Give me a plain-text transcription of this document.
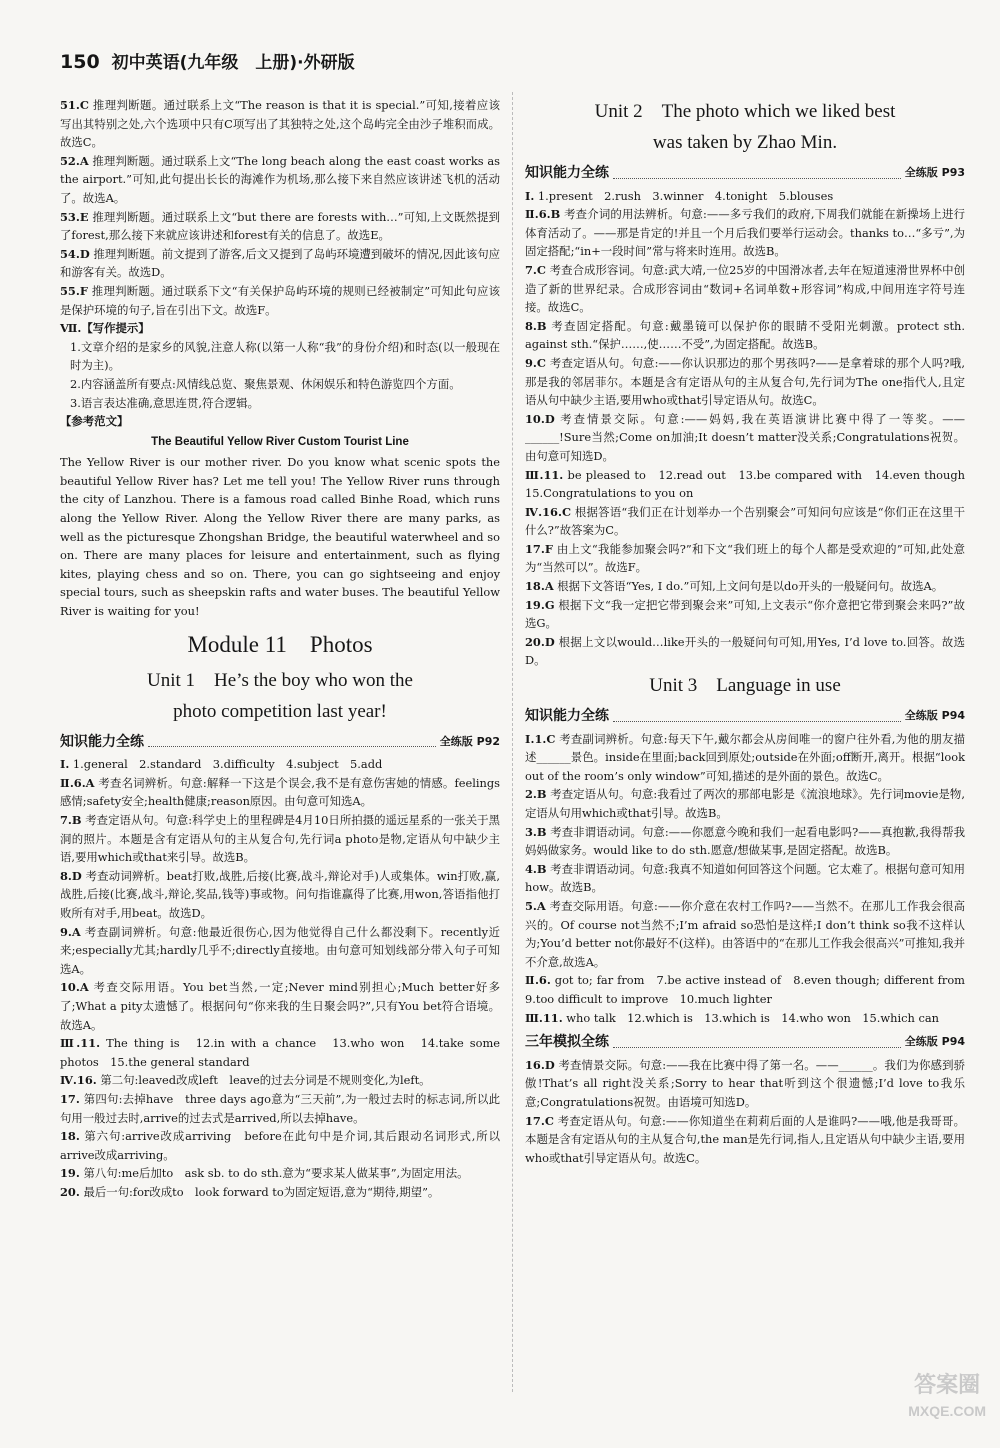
150 初中英语(九年级　上册)·外研版

51.C 推理判断题。通过联系上文“The reason is that it is special.”可知,接着应该写出其特别之处,六个选项中只有C项写出了其独特之处,这个岛屿完全由沙子堆积而成。故选C。

52.A 推理判断题。通过联系上文“The long beach along the east coast works as the airport.”可知,此句提出长长的海滩作为机场,那么接下来自然应该讲述飞机的活动了。故选A。

53.E 推理判断题。通过联系上文“but there are forests with…”可知,上文既然提到了forest,那么接下来就应该讲述和forest有关的信息了。故选E。

54.D 推理判断题。前文提到了游客,后文又提到了岛屿环境遭到破坏的情况,因此该句应和游客有关。故选D。

55.F 推理判断题。通过联系下文“有关保护岛屿环境的规则已经被制定”可知此句应该是保护环境的句子,旨在引出下文。故选F。

Ⅶ.【写作提示】

1.文章介绍的是家乡的风貌,注意人称(以第一人称“我”的身份介绍)和时态(以一般现在时为主)。

2.内容涵盖所有要点:风情线总览、聚焦景观、休闲娱乐和特色游览四个方面。

3.语言表达准确,意思连贯,符合逻辑。

【参考范文】

The Beautiful Yellow River Custom Tourist Line

The Yellow River is our mother river. Do you know what scenic spots the beautiful Yellow River has? Let me tell you! The Yellow River runs through the city of Lanzhou. There is a famous road called Binhe Road, which runs along the Yellow River. Along the Yellow River there are many parks, as well as the picturesque Zhongshan Bridge, the beautiful waterwheel and so on. There are many places for leisure and entertainment, such as flying kites, playing chess and so on. There, you can go sightseeing and enjoy special tours, such as sheepskin rafts and water buses. The beautiful Yellow River is waiting for you!

Module 11　Photos
Unit 1　He’s the boy who won the
photo competition last year!
知识能力全练	全练版 P92

Ⅰ. 1.general　2.standard　3.difficulty　4.subject　5.add

Ⅱ.6.A 考查名词辨析。句意:解释一下这是个误会,我不是有意伤害她的情感。feelings感情;safety安全;health健康;reason原因。由句意可知选A。

7.B 考查定语从句。句意:科学史上的里程碑是4月10日所拍摄的遥远星系的一张关于黑洞的照片。本题是含有定语从句的主从复合句,先行词a photo是物,定语从句中缺少主语,要用which或that来引导。故选B。

8.D 考查动词辨析。beat打败,战胜,后接(比赛,战斗,辩论对手)人或集体。win打败,赢,战胜,后接(比赛,战斗,辩论,奖品,钱等)事或物。问句指谁赢得了比赛,用won,答语指他打败所有对手,用beat。故选D。

9.A 考查副词辨析。句意:他最近很伤心,因为他觉得自己什么都没剩下。recently近来;especially尤其;hardly几乎不;directly直接地。由句意可知划线部分带入句子可知选A。

10.A 考查交际用语。You bet当然,一定;Never mind别担心;Much better好多了;What a pity太遗憾了。根据问句“你来我的生日聚会吗?”,只有You bet符合语境。故选A。

Ⅲ.11. The thing is　12.in with a chance　13.who won　14.take some photos　15.the general standard

Ⅳ.16. 第二句:leaved改成left　leave的过去分词是不规则变化,为left。

17. 第四句:去掉have　three days ago意为“三天前”,为一般过去时的标志词,所以此句用一般过去时,arrive的过去式是arrived,所以去掉have。

18. 第六句:arrive改成arriving　before在此句中是介词,其后跟动名词形式,所以arrive改成arriving。

19. 第八句:me后加to　ask sb. to do sth.意为“要求某人做某事”,为固定用法。

20. 最后一句:for改成to　look forward to为固定短语,意为“期待,期望”。

Unit 2　The photo which we liked best
was taken by Zhao Min.
知识能力全练	全练版 P93

Ⅰ. 1.present　2.rush　3.winner　4.tonight　5.blouses

Ⅱ.6.B 考查介词的用法辨析。句意:——多亏我们的政府,下周我们就能在新操场上进行体育活动了。——那是肯定的!并且一个月后我们要举行运动会。thanks to…“多亏”,为固定搭配;“in+一段时间”常与将来时连用。故选B。

7.C 考查合成形容词。句意:武大靖,一位25岁的中国滑冰者,去年在短道速滑世界杯中创造了新的世界纪录。合成形容词由“数词+名词单数+形容词”构成,中间用连字符号连接。故选C。

8.B 考查固定搭配。句意:戴墨镜可以保护你的眼睛不受阳光刺激。protect sth. against sth.“保护……,使……不受”,为固定搭配。故选B。

9.C 考查定语从句。句意:——你认识那边的那个男孩吗?——是拿着球的那个人吗?哦,那是我的邻居菲尔。本题是含有定语从句的主从复合句,先行词为The one指代人,且定语从句中缺少主语,要用who或that引导定语从句。故选C。

10.D 考查情景交际。句意:——妈妈,我在英语演讲比赛中得了一等奖。——______!Sure当然;Come on加油;It doesn’t matter没关系;Congratulations祝贺。由句意可知选D。

Ⅲ.11. be pleased to　12.read out　13.be compared with　14.even though　15.Congratulations to you on

Ⅳ.16.C 根据答语“我们正在计划举办一个告别聚会”可知问句应该是“你们正在这里干什么?”故答案为C。

17.F 由上文“我能参加聚会吗?”和下文“我们班上的每个人都是受欢迎的”可知,此处意为“当然可以”。故选F。

18.A 根据下文答语“Yes, I do.”可知,上文问句是以do开头的一般疑问句。故选A。

19.G 根据下文“我一定把它带到聚会来”可知,上文表示“你介意把它带到聚会来吗?”故选G。

20.D 根据上文以would…like开头的一般疑问句可知,用Yes, I’d love to.回答。故选D。

Unit 3　Language in use
知识能力全练	全练版 P94

Ⅰ.1.C 考查副词辨析。句意:每天下午,戴尔都会从房间唯一的窗户往外看,为他的朋友描述______景色。inside在里面;back回到原处;outside在外面;off断开,离开。根据“look out of the room’s only window”可知,描述的是外面的景色。故选C。

2.B 考查定语从句。句意:我看过了两次的那部电影是《流浪地球》。先行词movie是物,定语从句用which或that引导。故选B。

3.B 考查非谓语动词。句意:——你愿意今晚和我们一起看电影吗?——真抱歉,我得帮我妈妈做家务。would like to do sth.愿意/想做某事,是固定搭配。故选B。

4.B 考查非谓语动词。句意:我真不知道如何回答这个问题。它太难了。根据句意可知用how。故选B。

5.A 考查交际用语。句意:——你介意在农村工作吗?——当然不。在那儿工作我会很高兴的。Of course not当然不;I’m afraid so恐怕是这样;I don’t think so我不这样认为;You’d better not你最好不(这样)。由答语中的“在那儿工作我会很高兴”可推知,我并不介意,故选A。

Ⅱ.6. got to; far from　7.be active instead of　8.even though; different from　9.too difficult to improve　10.much lighter

Ⅲ.11. who talk　12.which is　13.which is　14.who won　15.which can

三年模拟全练	全练版 P94

16.D 考查情景交际。句意:——我在比赛中得了第一名。——______。我们为你感到骄傲!That’s all right没关系;Sorry to hear that听到这个很遗憾;I’d love to我乐意;Congratulations祝贺。由语境可知选D。

17.C 考查定语从句。句意:——你知道坐在莉莉后面的人是谁吗?——哦,他是我哥哥。本题是含有定语从句的主从复合句,the man是先行词,指人,且定语从句中缺少主语,要用who或that引导定语从句。故选C。

答案圈
MXQE.COM
